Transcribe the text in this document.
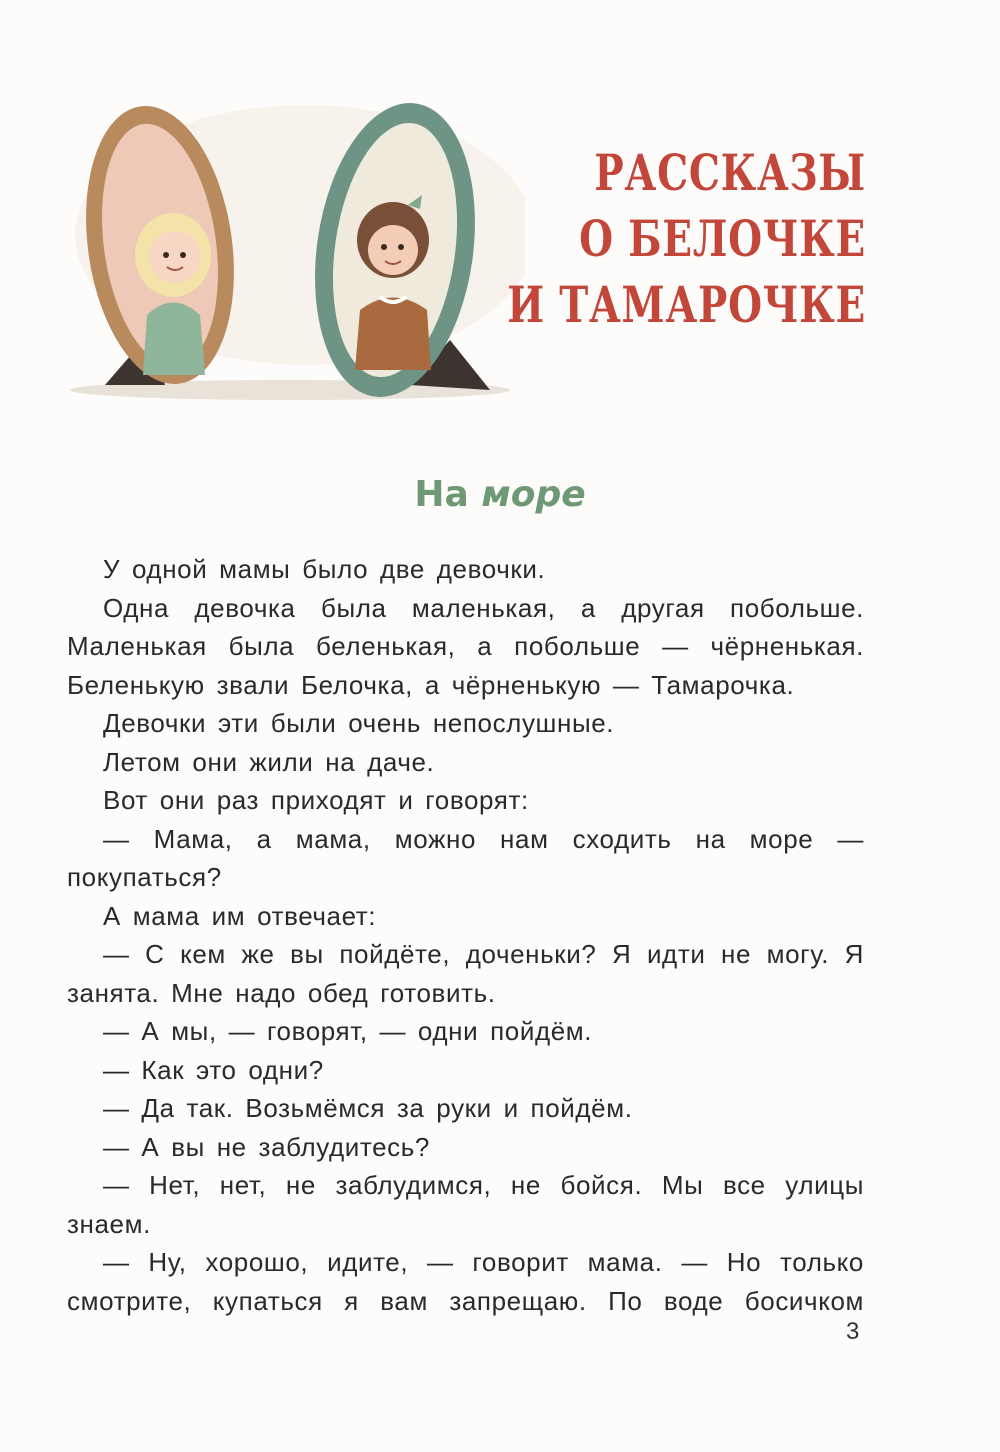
РАССКАЗЫ
О БЕЛОЧКЕ
И ТАМАРОЧКЕ
На море

У одной мамы было две девочки.

Одна девочка была маленькая, а другая побольше. Маленькая была беленькая, а побольше — чёрненькая. Беленькую звали Белочка, а чёрненькую — Тамарочка.

Девочки эти были очень непослушные.

Летом они жили на даче.

Вот они раз приходят и говорят:

— Мама, а мама, можно нам сходить на море — покупаться?

А мама им отвечает:

— С кем же вы пойдёте, доченьки? Я идти не могу. Я занята. Мне надо обед готовить.

— А мы, — говорят, — одни пойдём.

— Как это одни?

— Да так. Возьмёмся за руки и пойдём.

— А вы не заблудитесь?

— Нет, нет, не заблудимся, не бойся. Мы все улицы знаем.

— Ну, хорошо, идите, — говорит мама. — Но только смотрите, купаться я вам запрещаю. По воде босичком

3
